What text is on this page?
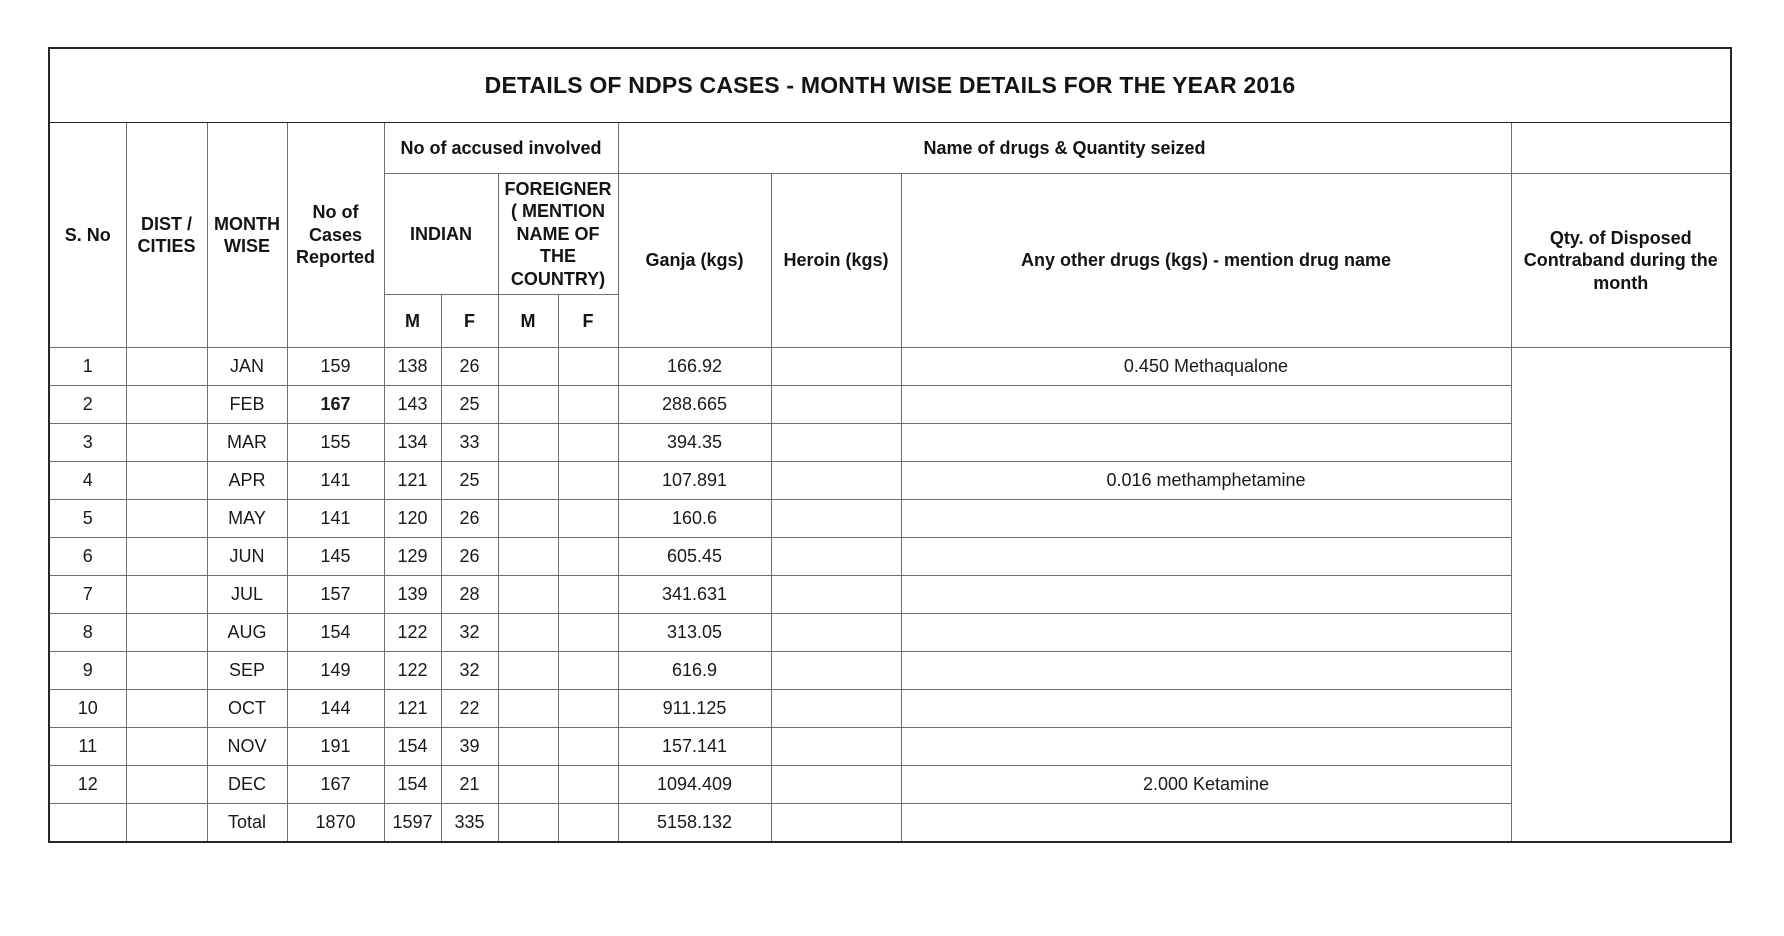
DETAILS OF NDPS CASES - MONTH WISE DETAILS FOR THE YEAR 2016											
S. No	DIST / CITIES	MONTH WISE	No of Cases Reported	No of accused involved				Name of drugs & Quantity seized			
				INDIAN		FOREIGNER ( MENTION NAME OF THE COUNTRY)		Ganja (kgs)	Heroin (kgs)	Any other drugs (kgs) - mention drug name	Qty. of Disposed Contraband during the month
				M	F	M	F				
1		JAN	159	138	26			166.92		0.450 Methaqualone	
2		FEB	167	143	25			288.665			
3		MAR	155	134	33			394.35			
4		APR	141	121	25			107.891		0.016 methamphetamine	
5		MAY	141	120	26			160.6			
6		JUN	145	129	26			605.45			
7		JUL	157	139	28			341.631			
8		AUG	154	122	32			313.05			
9		SEP	149	122	32			616.9			
10		OCT	144	121	22			911.125			
11		NOV	191	154	39			157.141			
12		DEC	167	154	21			1094.409		2.000 Ketamine	
		Total	1870	1597	335			5158.132			
